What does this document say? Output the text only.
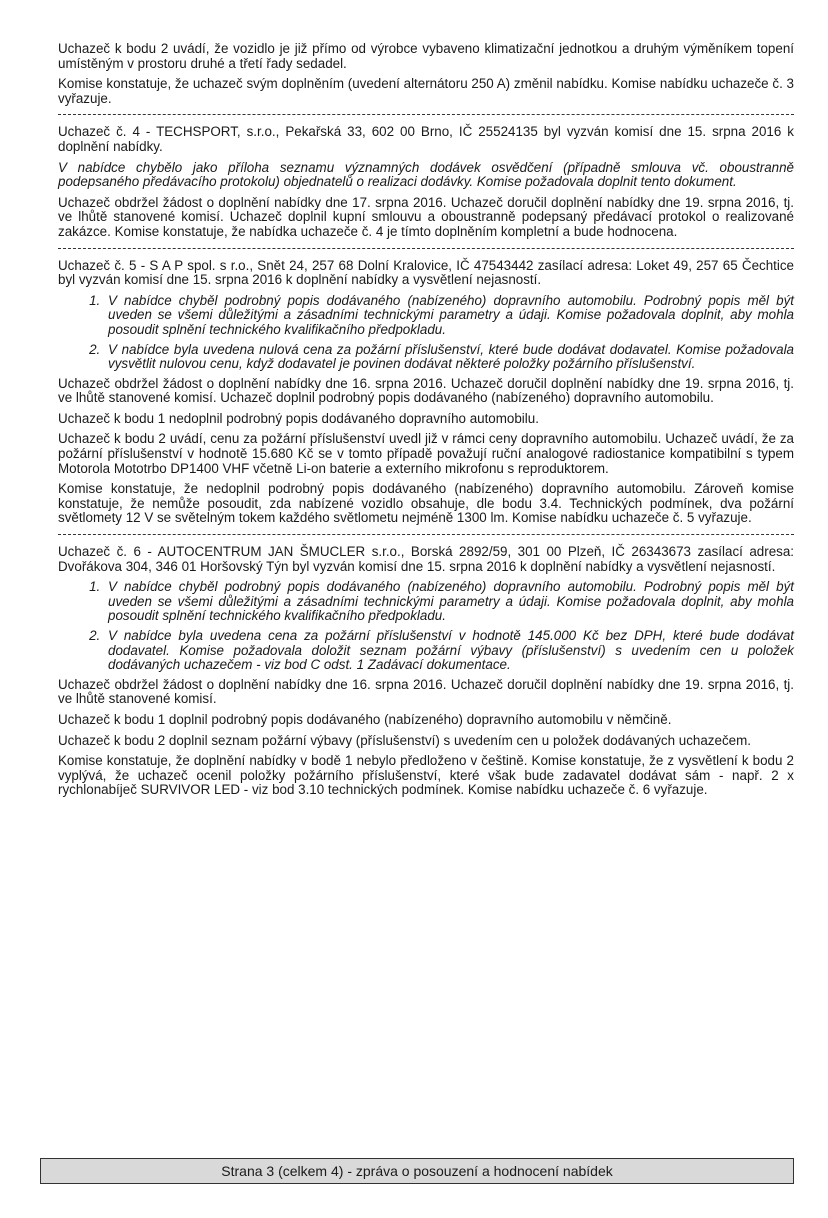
Uchazeč k bodu 2 uvádí, že vozidlo je již přímo od výrobce vybaveno klimatizační jednotkou a druhým výměníkem topení umístěným v prostoru druhé a třetí řady sedadel.

Komise konstatuje, že uchazeč svým doplněním (uvedení alternátoru 250 A) změnil nabídku. Komise nabídku uchazeče č. 3 vyřazuje.

Uchazeč č. 4 - TECHSPORT, s.r.o., Pekařská 33, 602 00 Brno, IČ 25524135 byl vyzván komisí dne 15. srpna 2016 k doplnění nabídky.

V nabídce chybělo jako příloha seznamu významných dodávek osvědčení (případně smlouva vč. oboustranně podepsaného předávacího protokolu) objednatelů o realizaci dodávky. Komise požadovala doplnit tento dokument.

Uchazeč obdržel žádost o doplnění nabídky dne 17. srpna 2016. Uchazeč doručil doplnění nabídky dne 19. srpna 2016, tj. ve lhůtě stanovené komisí. Uchazeč doplnil kupní smlouvu a oboustranně podepsaný předávací protokol o realizované zakázce. Komise konstatuje, že nabídka uchazeče č. 4 je tímto doplněním kompletní a bude hodnocena.

Uchazeč č. 5 - S A P spol. s r.o., Snět 24, 257 68 Dolní Kralovice, IČ 47543442 zasílací adresa: Loket 49, 257 65 Čechtice byl vyzván komisí dne 15. srpna 2016 k doplnění nabídky a vysvětlení nejasností.

1. V nabídce chyběl podrobný popis dodávaného (nabízeného) dopravního automobilu. Podrobný popis měl být uveden se všemi důležitými a zásadními technickými parametry a údaji. Komise požadovala doplnit, aby mohla posoudit splnění technického kvalifikačního předpokladu.
2. V nabídce byla uvedena nulová cena za požární příslušenství, které bude dodávat dodavatel. Komise požadovala vysvětlit nulovou cenu, když dodavatel je povinen dodávat některé položky požárního příslušenství.

Uchazeč obdržel žádost o doplnění nabídky dne 16. srpna 2016. Uchazeč doručil doplnění nabídky dne 19. srpna 2016, tj. ve lhůtě stanovené komisí. Uchazeč doplnil podrobný popis dodávaného (nabízeného) dopravního automobilu.

Uchazeč k bodu 1 nedoplnil podrobný popis dodávaného dopravního automobilu.

Uchazeč k bodu 2 uvádí, cenu za požární příslušenství uvedl již v rámci ceny dopravního automobilu. Uchazeč uvádí, že za požární příslušenství v hodnotě 15.680 Kč se v tomto případě považují ruční analogové radiostanice kompatibilní s typem Motorola Mototrbo DP1400 VHF včetně Li-on baterie a externího mikrofonu s reproduktorem.

Komise konstatuje, že nedoplnil podrobný popis dodávaného (nabízeného) dopravního automobilu. Zároveň komise konstatuje, že nemůže posoudit, zda nabízené vozidlo obsahuje, dle bodu 3.4. Technických podmínek, dva požární světlomety 12 V se světelným tokem každého světlometu nejméně 1300 lm. Komise nabídku uchazeče č. 5 vyřazuje.

Uchazeč č. 6 - AUTOCENTRUM JAN ŠMUCLER s.r.o., Borská 2892/59, 301 00 Plzeň, IČ 26343673 zasílací adresa: Dvořákova 304, 346 01 Horšovský Týn byl vyzván komisí dne 15. srpna 2016 k doplnění nabídky a vysvětlení nejasností.

1. V nabídce chyběl podrobný popis dodávaného (nabízeného) dopravního automobilu. Podrobný popis měl být uveden se všemi důležitými a zásadními technickými parametry a údaji. Komise požadovala doplnit, aby mohla posoudit splnění technického kvalifikačního předpokladu.
2. V nabídce byla uvedena cena za požární příslušenství v hodnotě 145.000 Kč bez DPH, které bude dodávat dodavatel. Komise požadovala doložit seznam požární výbavy (příslušenství) s uvedením cen u položek dodávaných uchazečem - viz bod C odst. 1 Zadávací dokumentace.

Uchazeč obdržel žádost o doplnění nabídky dne 16. srpna 2016. Uchazeč doručil doplnění nabídky dne 19. srpna 2016, tj. ve lhůtě stanovené komisí.

Uchazeč k bodu 1 doplnil podrobný popis dodávaného (nabízeného) dopravního automobilu v němčině.

Uchazeč k bodu 2 doplnil seznam požární výbavy (příslušenství) s uvedením cen u položek dodávaných uchazečem.

Komise konstatuje, že doplnění nabídky v bodě 1 nebylo předloženo v češtině. Komise konstatuje, že z vysvětlení k bodu 2 vyplývá, že uchazeč ocenil položky požárního příslušenství, které však bude zadavatel dodávat sám - např. 2 x rychlonabíječ SURVIVOR LED - viz bod 3.10 technických podmínek. Komise nabídku uchazeče č. 6 vyřazuje.

Strana 3 (celkem 4) - zpráva o posouzení a hodnocení nabídek
